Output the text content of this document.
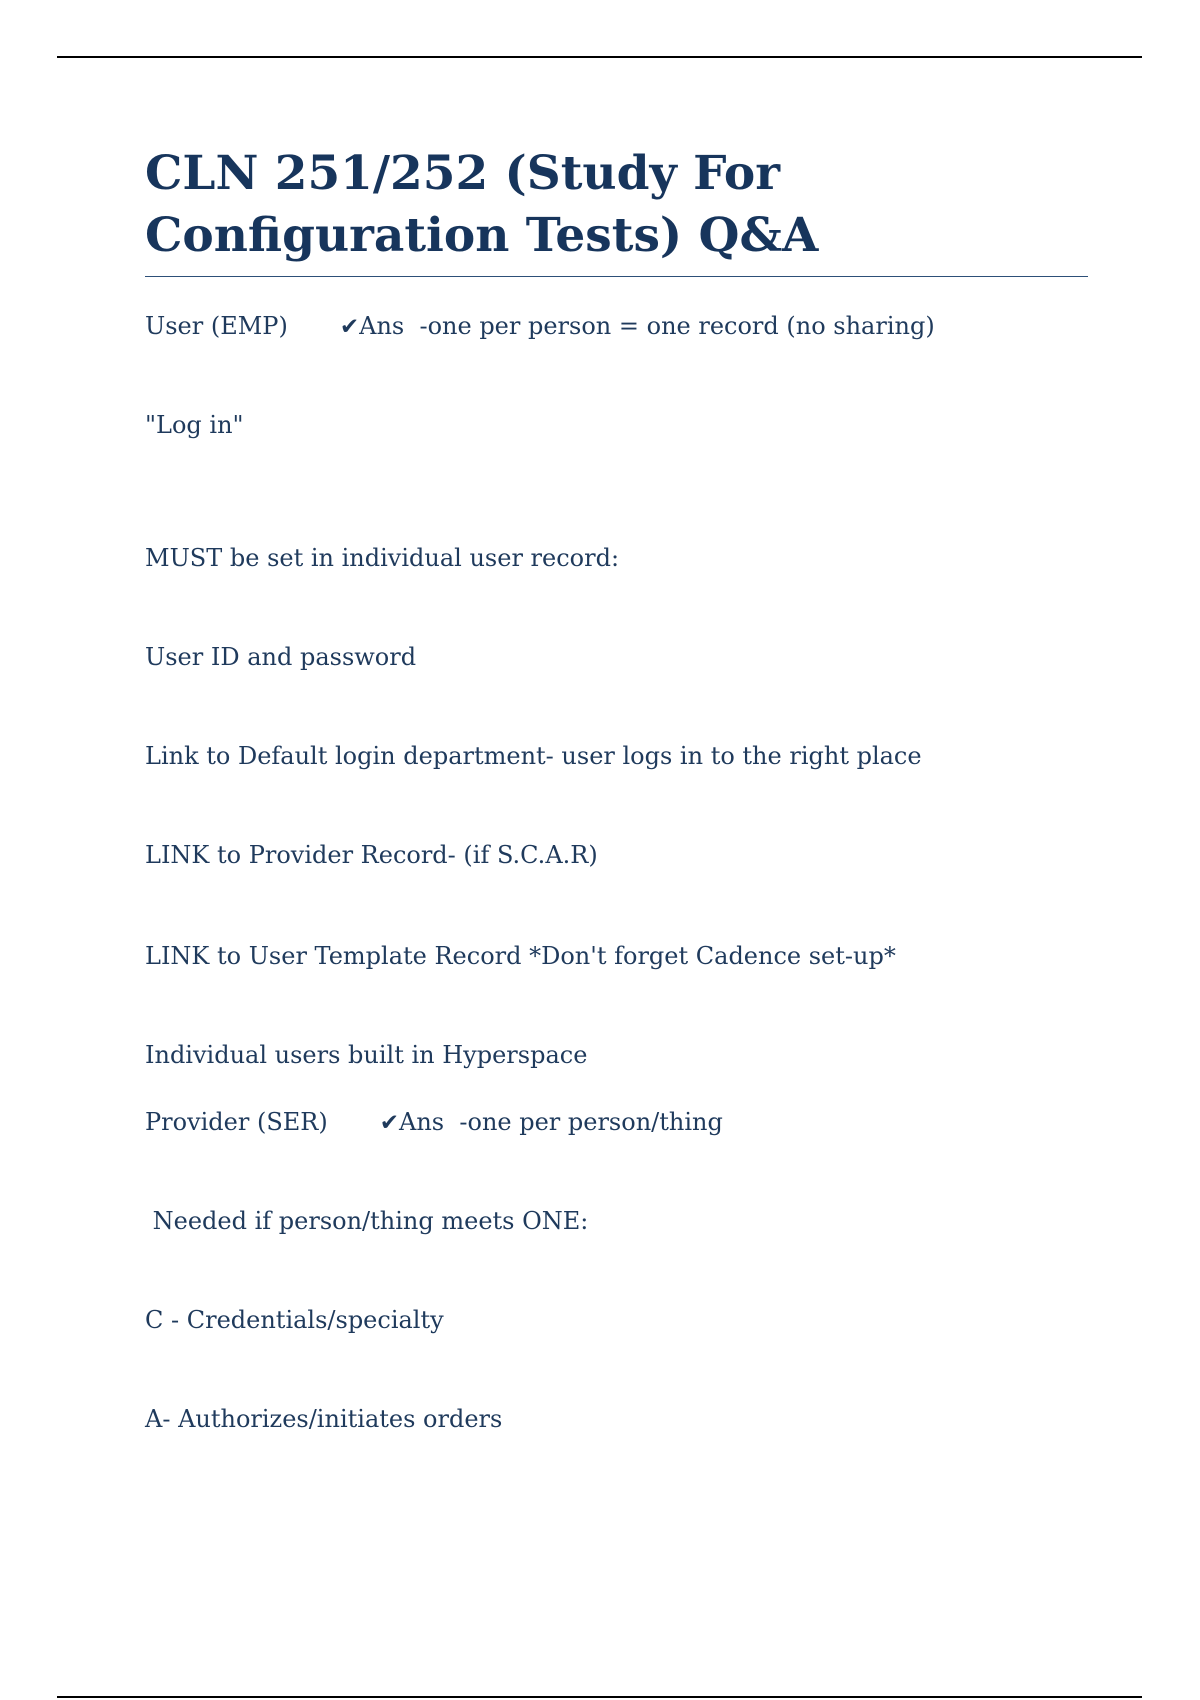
CLN 251/252 (Study For Configuration Tests) Q&A

User (EMP) ✔Ans  -one per person = one record (no sharing)

"Log in"

MUST be set in individual user record:

User ID and password

Link to Default login department- user logs in to the right place

LINK to Provider Record- (if S.C.A.R)

LINK to User Template Record *Don't forget Cadence set-up*

Individual users built in Hyperspace

Provider (SER) ✔Ans  -one per person/thing

Needed if person/thing meets ONE:

C - Credentials/specialty

A- Authorizes/initiates orders
